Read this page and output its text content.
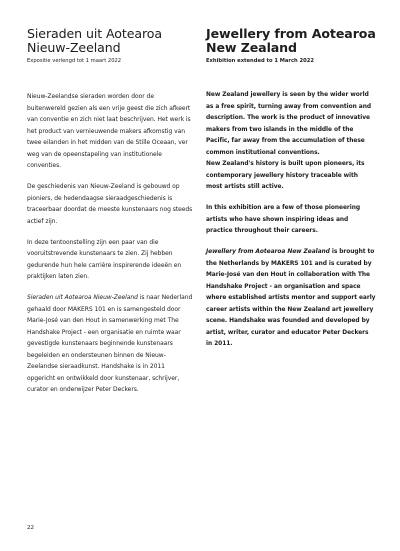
Sieraden uit Aotearoa
Nieuw-Zeeland
Expositie verlengd tot 1 maart 2022

Nieuw-Zeelandse sieraden worden door de buitenwereld gezien als een vrije geest die zich afkeert van conventie en zich niet laat beschrijven. Het werk is het product van vernieuwende makers afkomstig van twee eilanden in het midden van de Stille Oceaan, ver weg van de opeenstapeling van institutionele conventies.

De geschiedenis van Nieuw-Zeeland is gebouwd op pioniers, de hedendaagse sieraadgeschiedenis is traceerbaar doordat de meeste kunstenaars nog steeds actief zijn.

In deze tentoonstelling zijn een paar van die vooruitstrevende kunstenaars te zien. Zij hebben gedurende hun hele carrière inspirerende ideeën en praktijken laten zien.

Sieraden uit Aotearoa Nieuw-Zeeland is naar Nederland gehaald door MAKERS 101 en is samengesteld door Marie-José van den Hout in samenwerking met The Handshake Project - een organisatie en ruimte waar gevestigde kunstenaars beginnende kunstenaars begeleiden en ondersteunen binnen de Nieuw-Zeelandse sieraadkunst. Handshake is in 2011 opgericht en ontwikkeld door kunstenaar, schrijver, curator en onderwijzer Peter Deckers.

Jewellery from Aotearoa
New Zealand
Exhibition extended to 1 March 2022

New Zealand jewellery is seen by the wider world as a free spirit, turning away from convention and description. The work is the product of innovative makers from two islands in the middle of the Pacific, far away from the accumulation of these common institutional conventions.

New Zealand's history is built upon pioneers, its contemporary jewellery history traceable with most artists still active.

In this exhibition are a few of those pioneering artists who have shown inspiring ideas and practice throughout their careers.

Jewellery from Aotearoa New Zealand is brought to the Netherlands by MAKERS 101 and is curated by Marie-José van den Hout in collaboration with The Handshake Project - an organisation and space where established artists mentor and support early career artists within the New Zealand art jewellery scene. Handshake was founded and developed by artist, writer, curator and educator Peter Deckers in 2011.

22
